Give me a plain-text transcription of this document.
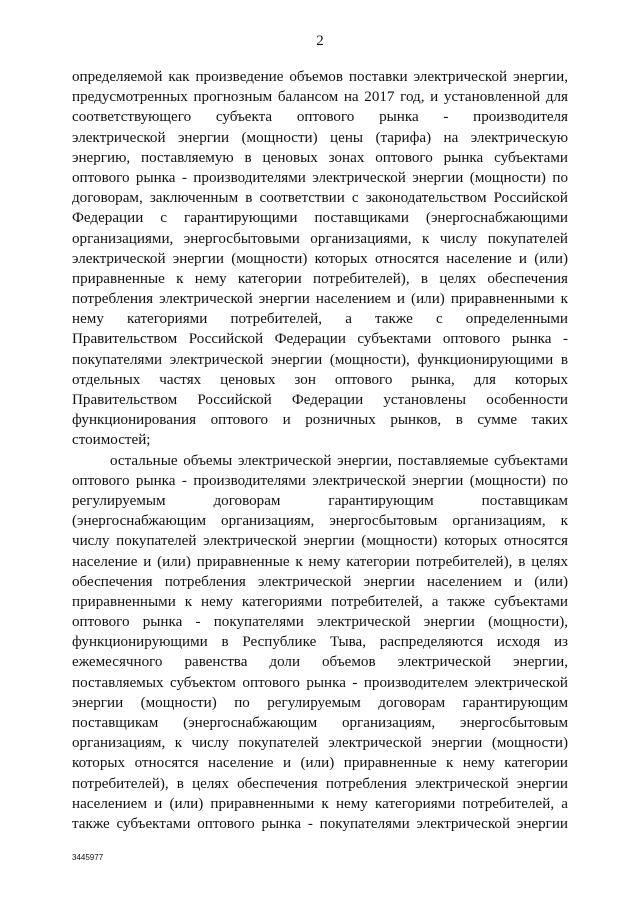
2
определяемой как произведение объемов поставки электрической энергии,
предусмотренных прогнозным балансом на 2017 год, и установленной для
соответствующего субъекта оптового рынка - производителя
электрической энергии (мощности) цены (тарифа) на электрическую
энергию, поставляемую в ценовых зонах оптового рынка субъектами
оптового рынка - производителями электрической энергии (мощности) по
договорам, заключенным в соответствии с законодательством Российской
Федерации с гарантирующими поставщиками (энергоснабжающими
организациями, энергосбытовыми организациями, к числу покупателей
электрической энергии (мощности) которых относятся население и (или)
приравненные к нему категории потребителей), в целях обеспечения
потребления электрической энергии населением и (или) приравненными к
нему категориями потребителей, а также с определенными
Правительством Российской Федерации субъектами оптового рынка -
покупателями электрической энергии (мощности), функционирующими в
отдельных частях ценовых зон оптового рынка, для которых
Правительством Российской Федерации установлены особенности
функционирования оптового и розничных рынков, в сумме таких
стоимостей;
остальные объемы электрической энергии, поставляемые субъектами
оптового рынка - производителями электрической энергии (мощности) по
регулируемым договорам гарантирующим поставщикам
(энергоснабжающим организациям, энергосбытовым организациям, к
числу покупателей электрической энергии (мощности) которых относятся
население и (или) приравненные к нему категории потребителей), в целях
обеспечения потребления электрической энергии населением и (или)
приравненными к нему категориями потребителей, а также субъектами
оптового рынка - покупателями электрической энергии (мощности),
функционирующими в Республике Тыва, распределяются исходя из
ежемесячного равенства доли объемов электрической энергии,
поставляемых субъектом оптового рынка - производителем электрической
энергии (мощности) по регулируемым договорам гарантирующим
поставщикам (энергоснабжающим организациям, энергосбытовым
организациям, к числу покупателей электрической энергии (мощности)
которых относятся население и (или) приравненные к нему категории
потребителей), в целях обеспечения потребления электрической энергии
населением и (или) приравненными к нему категориями потребителей, а
также субъектами оптового рынка - покупателями электрической энергии
3445977
